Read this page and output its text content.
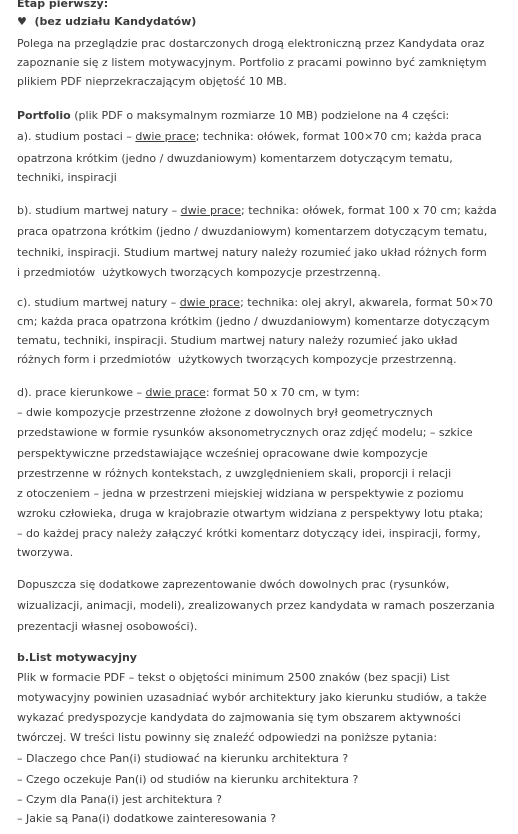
Etap pierwszy:
♥  (bez udziału Kandydatów)
Polega na przeglądzie prac dostarczonych drogą elektroniczną przez Kandydata oraz
zapoznanie się z listem motywacyjnym. Portfolio z pracami powinno być zamkniętym
plikiem PDF nieprzekraczającym objętość 10 MB.
Portfolio (plik PDF o maksymalnym rozmiarze 10 MB) podzielone na 4 części:
a). studium postaci – dwie prace; technika: ołówek, format 100×70 cm; każda praca
opatrzona krótkim (jedno / dwuzdaniowym) komentarzem dotyczącym tematu,
techniki, inspiracji
b). studium martwej natury – dwie prace; technika: ołówek, format 100 x 70 cm; każda
praca opatrzona krótkim (jedno / dwuzdaniowym) komentarzem dotyczącym tematu,
techniki, inspiracji. Studium martwej natury należy rozumieć jako układ różnych form
i przedmiotów  użytkowych tworzących kompozycje przestrzenną.
c). studium martwej natury – dwie prace; technika: olej akryl, akwarela, format 50×70
cm; każda praca opatrzona krótkim (jedno / dwuzdaniowym) komentarze dotyczącym
tematu, techniki, inspiracji. Studium martwej natury należy rozumieć jako układ
różnych form i przedmiotów  użytkowych tworzących kompozycje przestrzenną.
d). prace kierunkowe – dwie prace: format 50 x 70 cm, w tym:
– dwie kompozycje przestrzenne złożone z dowolnych brył geometrycznych
przedstawione w formie rysunków aksonometrycznych oraz zdjęć modelu; – szkice
perspektywiczne przedstawiające wcześniej opracowane dwie kompozycje
przestrzenne w różnych kontekstach, z uwzględnieniem skali, proporcji i relacji
z otoczeniem – jedna w przestrzeni miejskiej widziana w perspektywie z poziomu
wzroku człowieka, druga w krajobrazie otwartym widziana z perspektywy lotu ptaka;
– do każdej pracy należy załączyć krótki komentarz dotyczący idei, inspiracji, formy,
tworzywa.
Dopuszcza się dodatkowe zaprezentowanie dwóch dowolnych prac (rysunków,
wizualizacji, animacji, modeli), zrealizowanych przez kandydata w ramach poszerzania
prezentacji własnej osobowości).
b.List motywacyjny
Plik w formacie PDF – tekst o objętości minimum 2500 znaków (bez spacji) List
motywacyjny powinien uzasadniać wybór architektury jako kierunku studiów, a także
wykazać predyspozycje kandydata do zajmowania się tym obszarem aktywności
twórczej. W treści listu powinny się znaleźć odpowiedzi na poniższe pytania:
– Dlaczego chce Pan(i) studiować na kierunku architektura ?
– Czego oczekuje Pan(i) od studiów na kierunku architektura ?
– Czym dla Pana(i) jest architektura ?
– Jakie są Pana(i) dodatkowe zainteresowania ?
